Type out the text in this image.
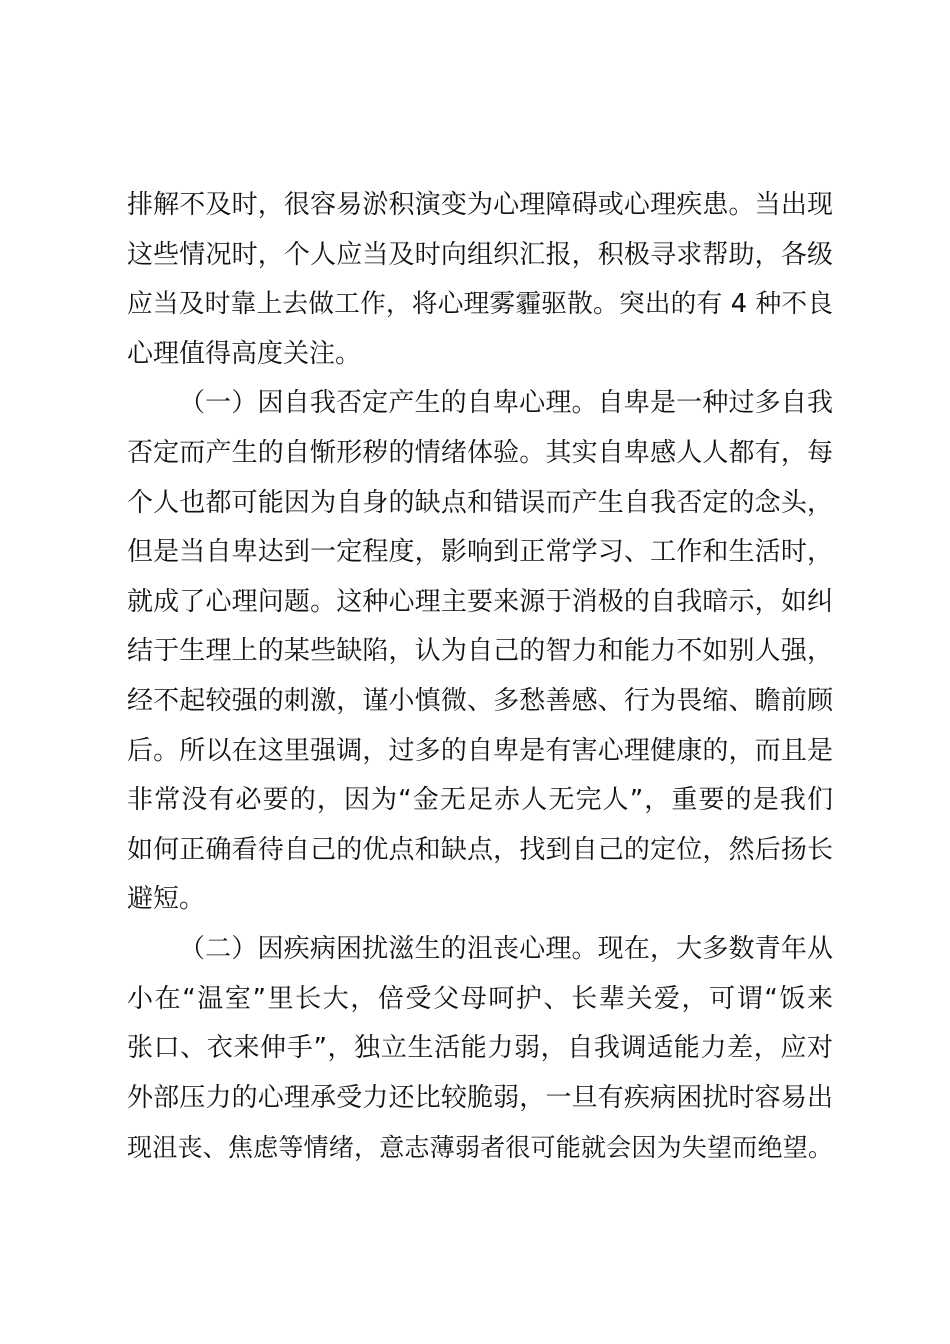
排解不及时，很容易淤积演变为心理障碍或心理疾患。当出现
这些情况时，个人应当及时向组织汇报，积极寻求帮助，各级
应当及时靠上去做工作，将心理雾霾驱散。突出的有 4 种不良
心理值得高度关注。
（一）因自我否定产生的自卑心理。自卑是一种过多自我
否定而产生的自惭形秽的情绪体验。其实自卑感人人都有，每
个人也都可能因为自身的缺点和错误而产生自我否定的念头，
但是当自卑达到一定程度，影响到正常学习、工作和生活时，
就成了心理问题。这种心理主要来源于消极的自我暗示，如纠
结于生理上的某些缺陷，认为自己的智力和能力不如别人强，
经不起较强的刺激，谨小慎微、多愁善感、行为畏缩、瞻前顾
后。所以在这里强调，过多的自卑是有害心理健康的，而且是
非常没有必要的，因为“金无足赤人无完人”，重要的是我们
如何正确看待自己的优点和缺点，找到自己的定位，然后扬长
避短。
（二）因疾病困扰滋生的沮丧心理。现在，大多数青年从
小在“温室”里长大，倍受父母呵护、长辈关爱，可谓“饭来
张口、衣来伸手”，独立生活能力弱，自我调适能力差，应对
外部压力的心理承受力还比较脆弱，一旦有疾病困扰时容易出
现沮丧、焦虑等情绪，意志薄弱者很可能就会因为失望而绝望。
